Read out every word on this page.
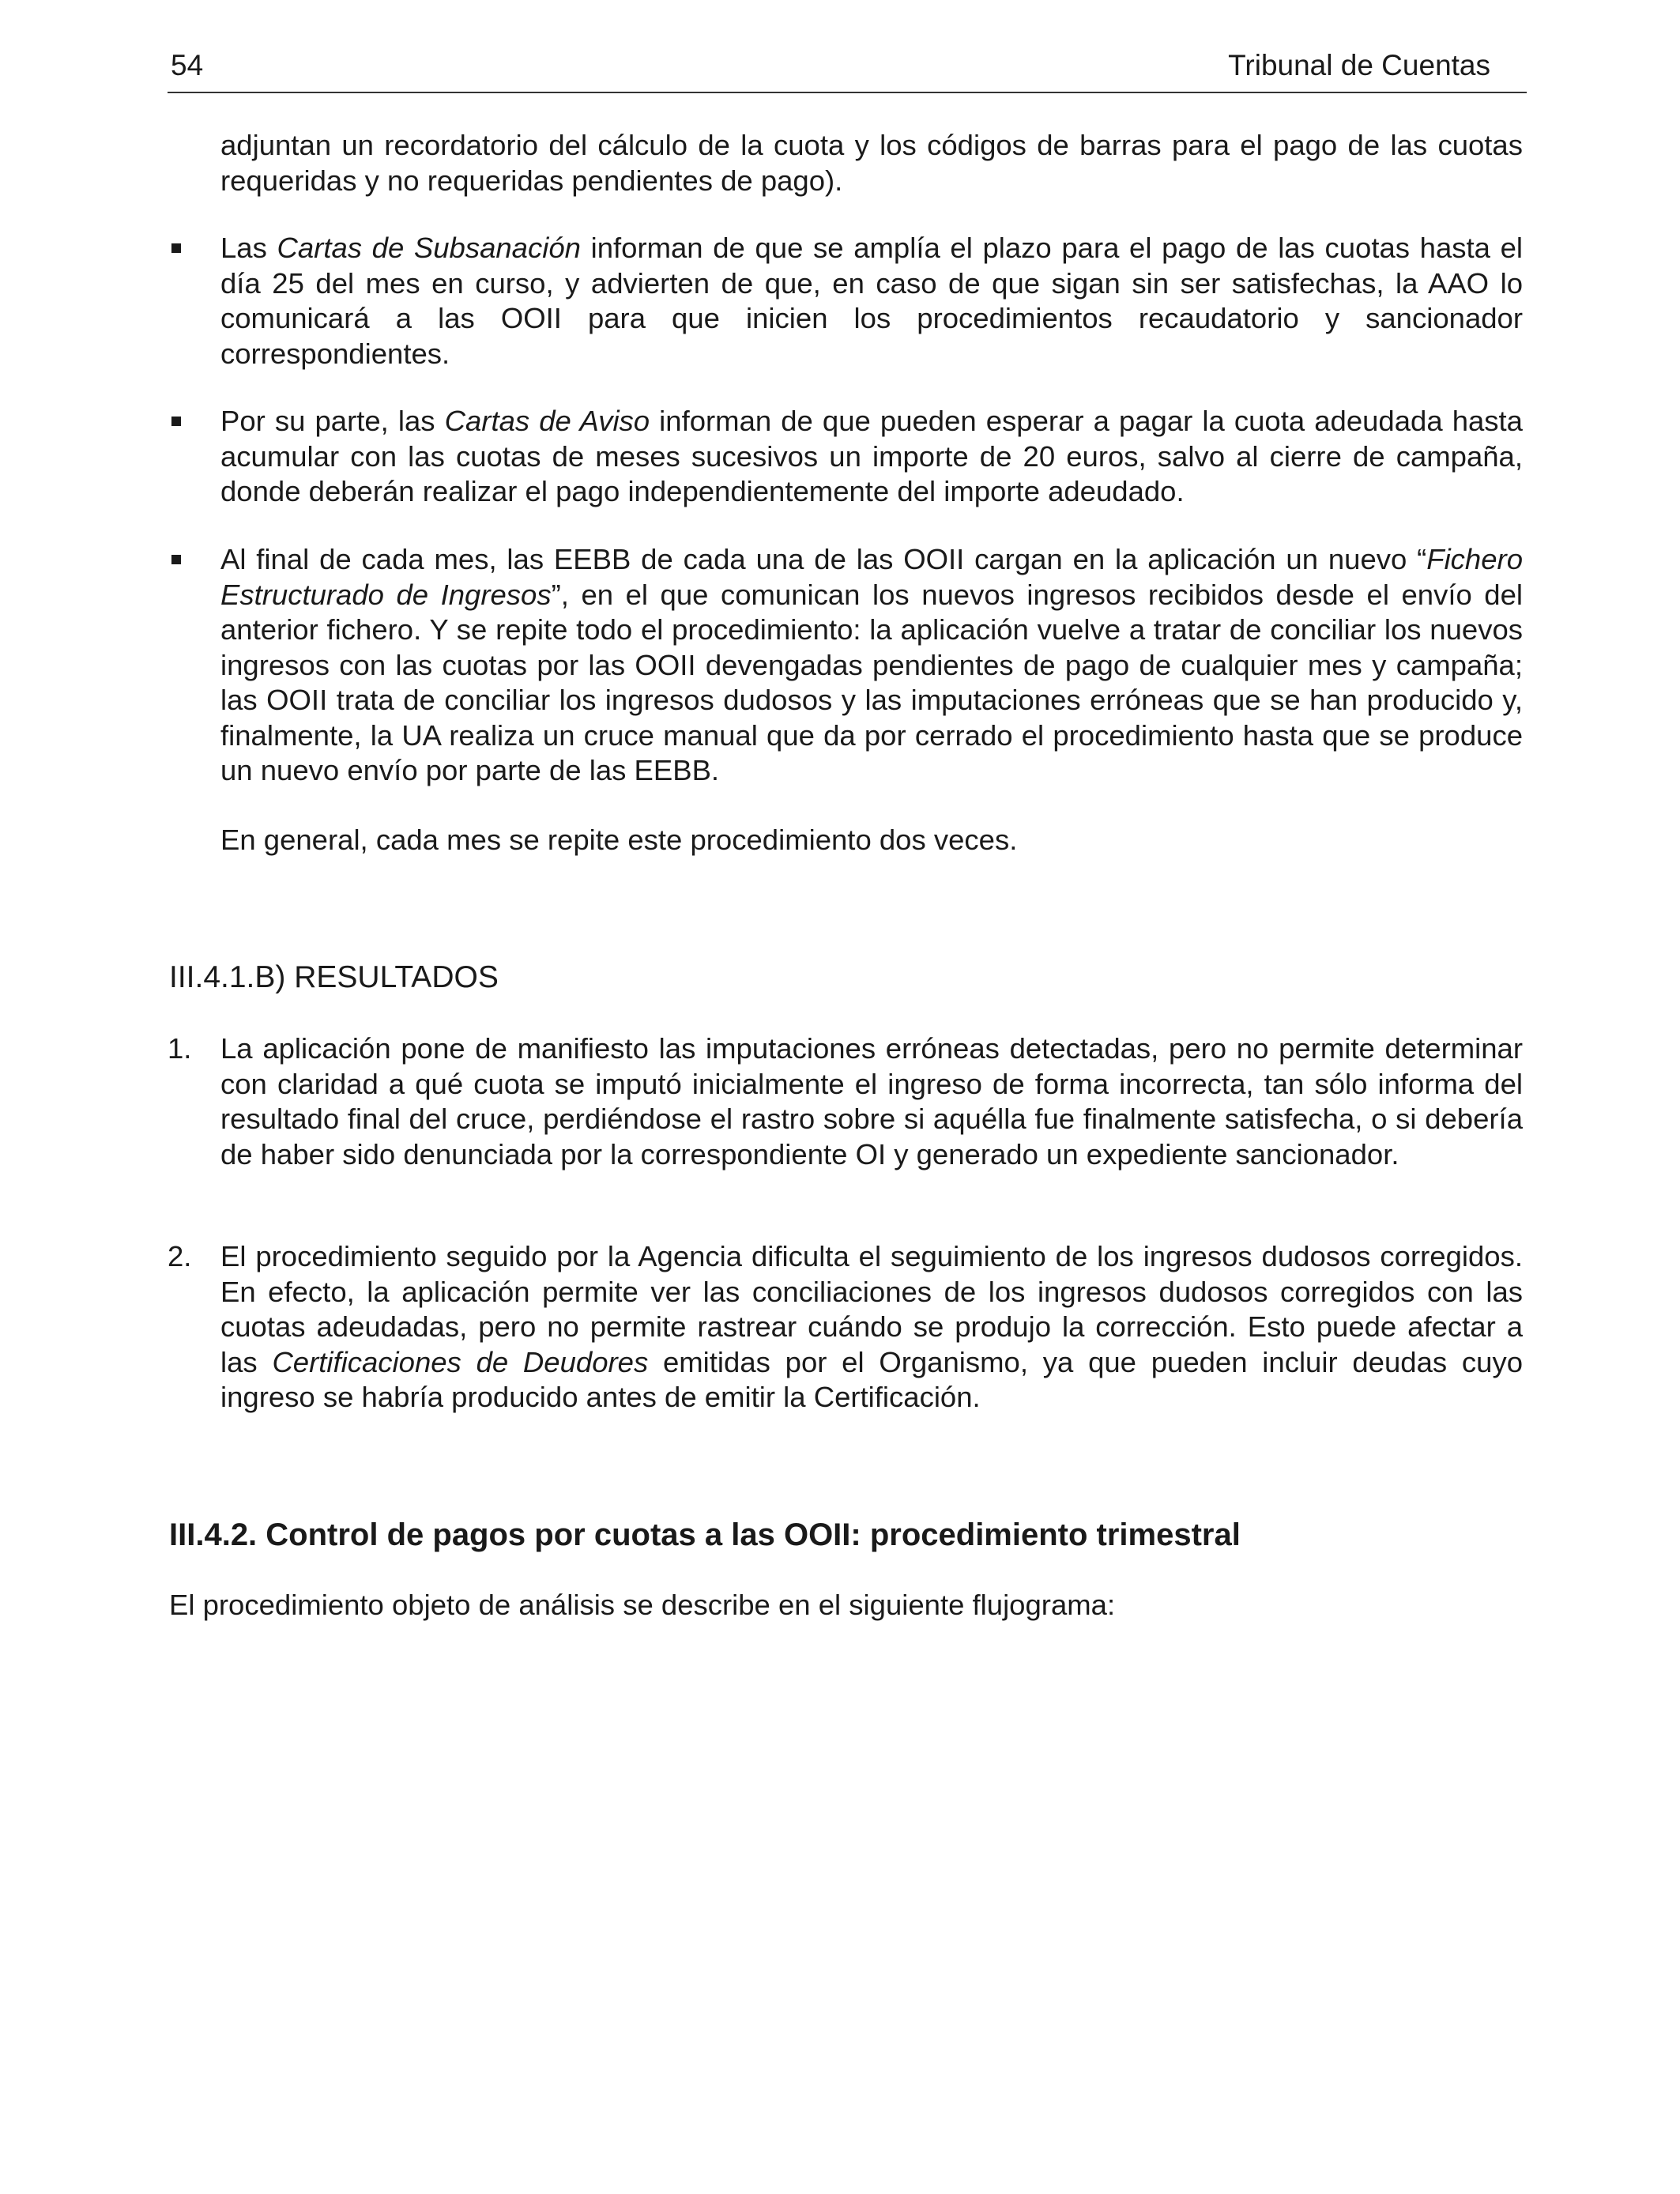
54	Tribunal de Cuentas

adjuntan un recordatorio del cálculo de la cuota y los códigos de barras para el pago de las cuotas requeridas y no requeridas pendientes de pago).

Las Cartas de Subsanación informan de que se amplía el plazo para el pago de las cuotas hasta el día 25 del mes en curso, y advierten de que, en caso de que sigan sin ser satisfechas, la AAO lo comunicará a las OOII para que inicien los procedimientos recaudatorio y sancionador correspondientes.

Por su parte, las Cartas de Aviso informan de que pueden esperar a pagar la cuota adeudada hasta acumular con las cuotas de meses sucesivos un importe de 20 euros, salvo al cierre de campaña, donde deberán realizar el pago independientemente del importe adeudado.

Al final de cada mes, las EEBB de cada una de las OOII cargan en la aplicación un nuevo “Fichero Estructurado de Ingresos”, en el que comunican los nuevos ingresos recibidos desde el envío del anterior fichero. Y se repite todo el procedimiento: la aplicación vuelve a tratar de conciliar los nuevos ingresos con las cuotas por las OOII devengadas pendientes de pago de cualquier mes y campaña; las OOII trata de conciliar los ingresos dudosos y las imputaciones erróneas que se han producido y, finalmente, la UA realiza un cruce manual que da por cerrado el procedimiento hasta que se produce un nuevo envío por parte de las EEBB.

En general, cada mes se repite este procedimiento dos veces.

III.4.1.B) RESULTADOS
1. La aplicación pone de manifiesto las imputaciones erróneas detectadas, pero no permite determinar con claridad a qué cuota se imputó inicialmente el ingreso de forma incorrecta, tan sólo informa del resultado final del cruce, perdiéndose el rastro sobre si aquélla fue finalmente satisfecha, o si debería de haber sido denunciada por la correspondiente OI y generado un expediente sancionador.

2. El procedimiento seguido por la Agencia dificulta el seguimiento de los ingresos dudosos corregidos. En efecto, la aplicación permite ver las conciliaciones de los ingresos dudosos corregidos con las cuotas adeudadas, pero no permite rastrear cuándo se produjo la corrección. Esto puede afectar a las Certificaciones de Deudores emitidas por el Organismo, ya que pueden incluir deudas cuyo ingreso se habría producido antes de emitir la Certificación.

III.4.2. Control de pagos por cuotas a las OOII: procedimiento trimestral

El procedimiento objeto de análisis se describe en el siguiente flujograma:
